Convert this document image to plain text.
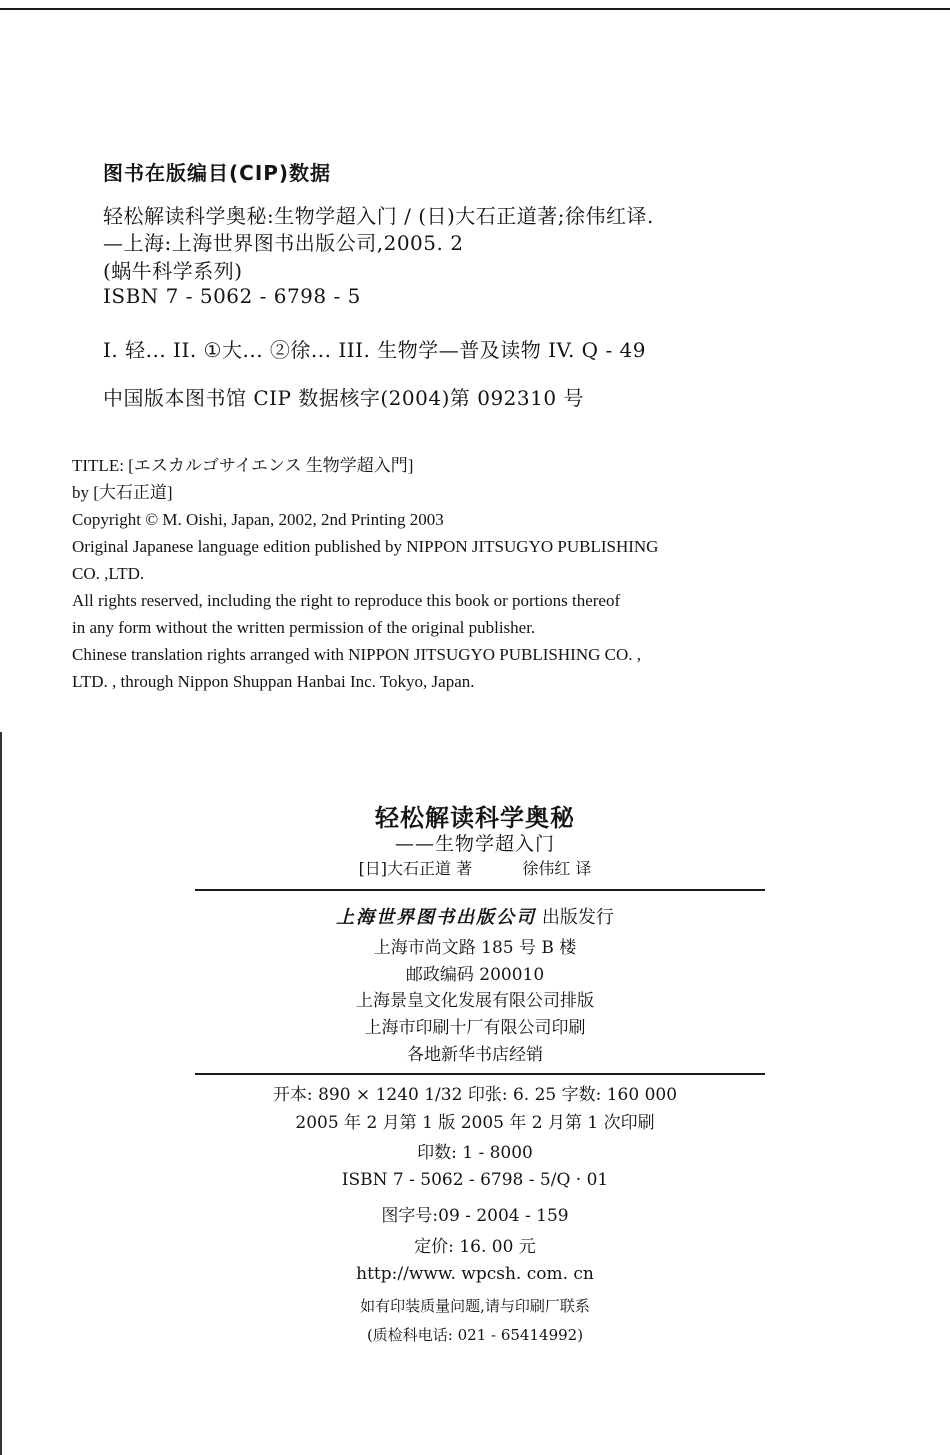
图书在版编目(CIP)数据
轻松解读科学奥秘:生物学超入门 / (日)大石正道著;徐伟红译.
—上海:上海世界图书出版公司,2005. 2
(蜗牛科学系列)
ISBN 7 - 5062 - 6798 - 5
I. 轻... II. ①大... ②徐... III. 生物学—普及读物 IV. Q - 49
中国版本图书馆 CIP 数据核字(2004)第 092310 号
TITLE: [エスカルゴサイエンス 生物学超入門]
by [大石正道]
Copyright © M. Oishi, Japan, 2002, 2nd Printing 2003
Original Japanese language edition published by NIPPON JITSUGYO PUBLISHING
CO. ,LTD.
All rights reserved, including the right to reproduce this book or portions thereof
in any form without the written permission of the original publisher.
Chinese translation rights arranged with NIPPON JITSUGYO PUBLISHING CO. ,
LTD. , through Nippon Shuppan Hanbai Inc. Tokyo, Japan.
轻松解读科学奥秘
——生物学超入门
[日]大石正道 著	徐伟红 译
上海世界图书出版公司 出版发行
上海市尚文路 185 号 B 楼
邮政编码 200010
上海景皇文化发展有限公司排版
上海市印刷十厂有限公司印刷
各地新华书店经销
开本: 890 × 1240 1/32 印张: 6. 25 字数: 160 000
2005 年 2 月第 1 版 2005 年 2 月第 1 次印刷
印数: 1 - 8000
ISBN 7 - 5062 - 6798 - 5/Q · 01
图字号:09 - 2004 - 159
定价: 16. 00 元
http://www. wpcsh. com. cn
如有印装质量问题,请与印刷厂联系
(质检科电话: 021 - 65414992)
